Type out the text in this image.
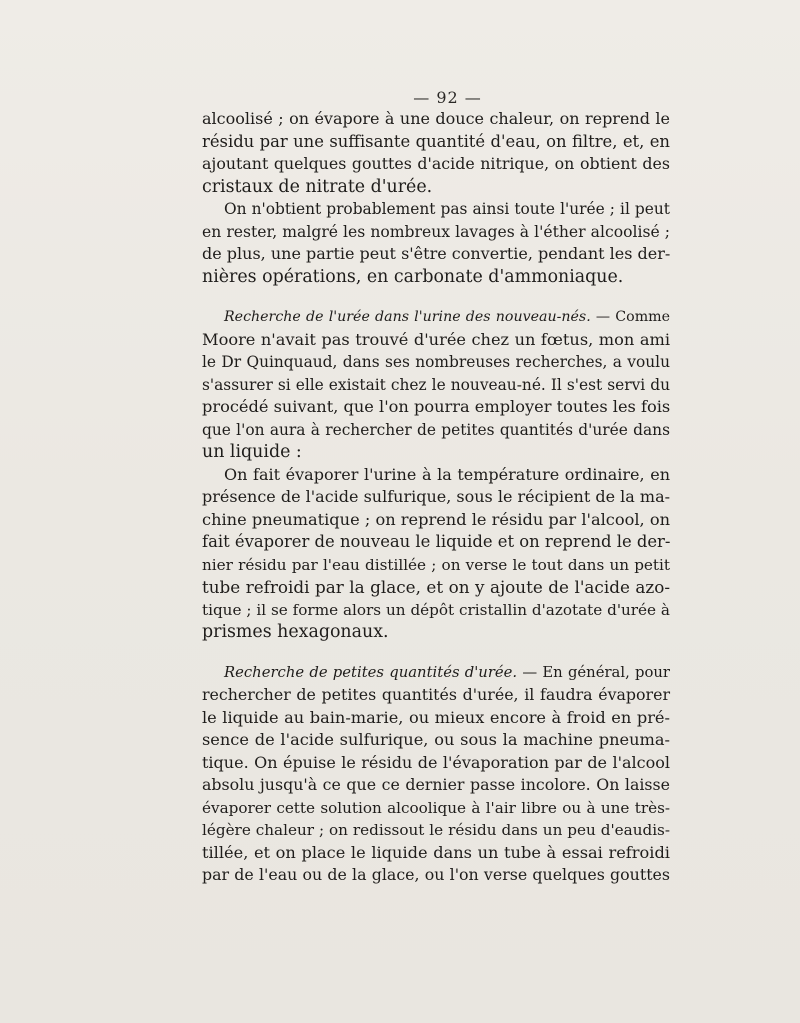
— 92 —
alcoolisé ; on évapore à une douce chaleur, on reprend le
résidu par une suffisante quantité d'eau, on filtre, et, en
ajoutant quelques gouttes d'acide nitrique, on obtient des
cristaux de nitrate d'urée.
On n'obtient probablement pas ainsi toute l'urée ; il peut
en rester, malgré les nombreux lavages à l'éther alcoolisé ;
de plus, une partie peut s'être convertie, pendant les der-
nières opérations, en carbonate d'ammoniaque.
Recherche de l'urée dans l'urine des nouveau-nés. — Comme
Moore n'avait pas trouvé d'urée chez un fœtus, mon ami
le Dr Quinquaud, dans ses nombreuses recherches, a voulu
s'assurer si elle existait chez le nouveau-né. Il s'est servi du
procédé suivant, que l'on pourra employer toutes les fois
que l'on aura à rechercher de petites quantités d'urée dans
un liquide :
On fait évaporer l'urine à la température ordinaire, en
présence de l'acide sulfurique, sous le récipient de la ma-
chine pneumatique ; on reprend le résidu par l'alcool, on
fait évaporer de nouveau le liquide et on reprend le der-
nier résidu par l'eau distillée ; on verse le tout dans un petit
tube refroidi par la glace, et on y ajoute de l'acide azo-
tique ; il se forme alors un dépôt cristallin d'azotate d'urée à
prismes hexagonaux.
Recherche de petites quantités d'urée. — En général, pour
rechercher de petites quantités d'urée, il faudra évaporer
le liquide au bain-marie, ou mieux encore à froid en pré-
sence de l'acide sulfurique, ou sous la machine pneuma-
tique. On épuise le résidu de l'évaporation par de l'alcool
absolu jusqu'à ce que ce dernier passe incolore. On laisse
évaporer cette solution alcoolique à l'air libre ou à une très-
légère chaleur ; on redissout le résidu dans un peu d'eaudis-
tillée, et on place le liquide dans un tube à essai refroidi
par de l'eau ou de la glace, ou l'on verse quelques gouttes
